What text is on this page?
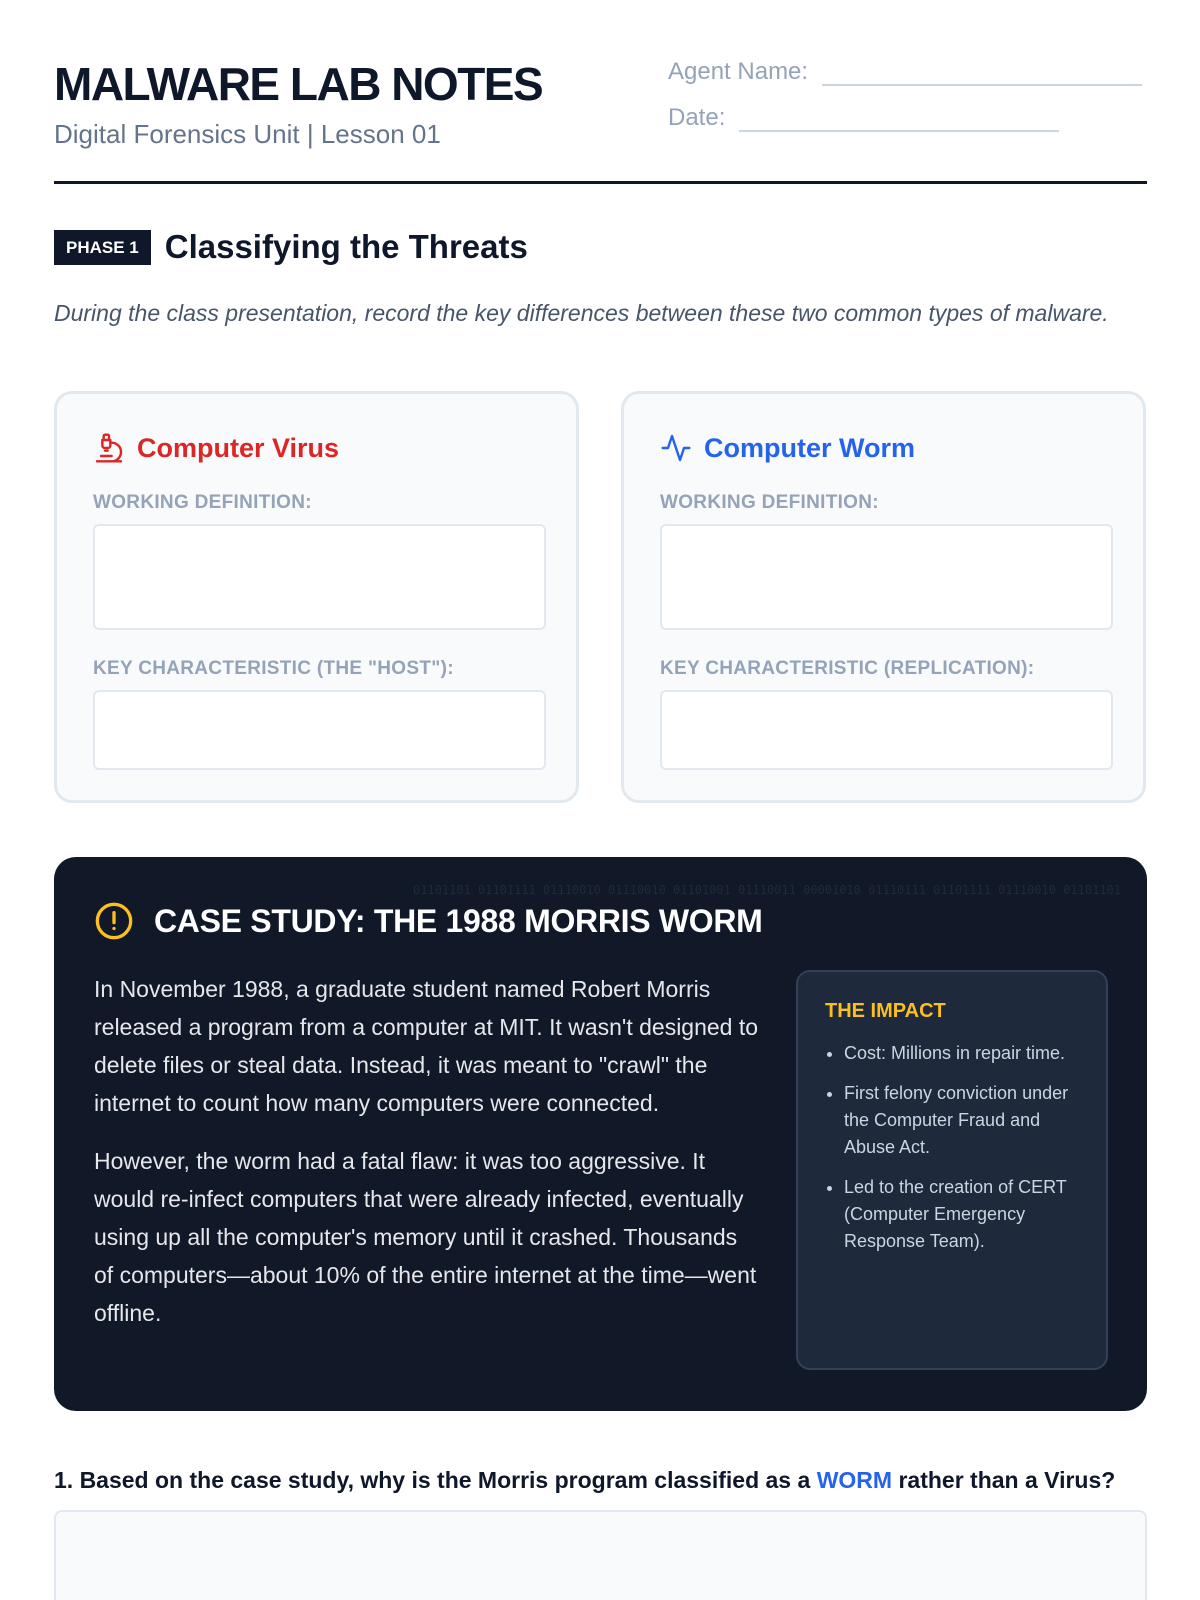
MALWARE LAB NOTES
Digital Forensics Unit | Lesson 01
Agent Name:
Date:
PHASE 1 Classifying the Threats
During the class presentation, record the key differences between these two common types of malware.
Computer Virus
WORKING DEFINITION:
KEY CHARACTERISTIC (THE "HOST"):
Computer Worm
WORKING DEFINITION:
KEY CHARACTERISTIC (REPLICATION):
01101101 01101111 01110010 01110010 01101001 01110011 00001010 01110111 01101111 01110010 01101101
CASE STUDY: THE 1988 MORRIS WORM

In November 1988, a graduate student named Robert Morris released a program from a computer at MIT. It wasn't designed to delete files or steal data. Instead, it was meant to "crawl" the internet to count how many computers were connected.

However, the worm had a fatal flaw: it was too aggressive. It would re-infect computers that were already infected, eventually using up all the computer's memory until it crashed. Thousands of computers—about 10% of the entire internet at the time—went offline.

THE IMPACT
• Cost: Millions in repair time.
• First felony conviction under the Computer Fraud and Abuse Act.
• Led to the creation of CERT (Computer Emergency Response Team).
1. Based on the case study, why is the Morris program classified as a WORM rather than a Virus?
